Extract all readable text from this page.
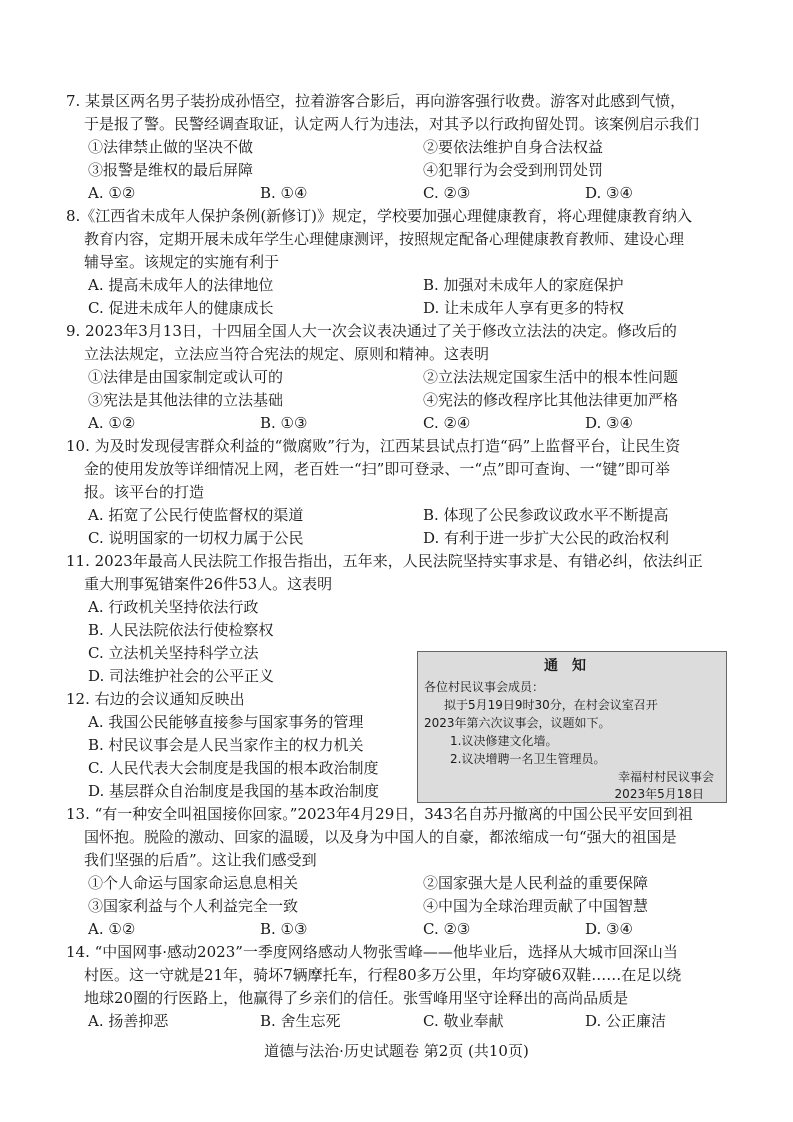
7. 某景区两名男子装扮成孙悟空，拉着游客合影后，再向游客强行收费。游客对此感到气愤，
于是报了警。民警经调查取证，认定两人行为违法，对其予以行政拘留处罚。该案例启示我们
①法律禁止做的坚决不做	②要依法维护自身合法权益
③报警是维权的最后屏障	④犯罪行为会受到刑罚处罚
A. ①②	B. ①④	C. ②③	D. ③④
8.《江西省未成年人保护条例(新修订)》规定，学校要加强心理健康教育，将心理健康教育纳入
教育内容，定期开展未成年学生心理健康测评，按照规定配备心理健康教育教师、建设心理
辅导室。该规定的实施有利于
A. 提高未成年人的法律地位	B. 加强对未成年人的家庭保护
C. 促进未成年人的健康成长	D. 让未成年人享有更多的特权
9. 2023年3月13日，十四届全国人大一次会议表决通过了关于修改立法法的决定。修改后的
立法法规定，立法应当符合宪法的规定、原则和精神。这表明
①法律是由国家制定或认可的	②立法法规定国家生活中的根本性问题
③宪法是其他法律的立法基础	④宪法的修改程序比其他法律更加严格
A. ①②	B. ①③	C. ②④	D. ③④
10. 为及时发现侵害群众利益的“微腐败”行为，江西某县试点打造“码”上监督平台，让民生资
金的使用发放等详细情况上网，老百姓一“扫”即可登录、一“点”即可查询、一“键”即可举
报。该平台的打造
A. 拓宽了公民行使监督权的渠道	B. 体现了公民参政议政水平不断提高
C. 说明国家的一切权力属于公民	D. 有利于进一步扩大公民的政治权利
11. 2023年最高人民法院工作报告指出，五年来，人民法院坚持实事求是、有错必纠，依法纠正
重大刑事冤错案件26件53人。这表明
A. 行政机关坚持依法行政
B. 人民法院依法行使检察权
C. 立法机关坚持科学立法
D. 司法维护社会的公平正义
12. 右边的会议通知反映出
A. 我国公民能够直接参与国家事务的管理
B. 村民议事会是人民当家作主的权力机关
C. 人民代表大会制度是我国的根本政治制度
D. 基层群众自治制度是我国的基本政治制度
通知
各位村民议事会成员：
拟于5月19日9时30分，在村会议室召开
2023年第六次议事会，议题如下。
1.议决修建文化墙。
2.议决增聘一名卫生管理员。
幸福村村民议事会
2023年5月18日
13. “有一种安全叫祖国接你回家。”2023年4月29日，343名自苏丹撤离的中国公民平安回到祖
国怀抱。脱险的激动、回家的温暖，以及身为中国人的自豪，都浓缩成一句“强大的祖国是
我们坚强的后盾”。这让我们感受到
①个人命运与国家命运息息相关	②国家强大是人民利益的重要保障
③国家利益与个人利益完全一致	④中国为全球治理贡献了中国智慧
A. ①②	B. ①③	C. ②③	D. ③④
14. “中国网事·感动2023”一季度网络感动人物张雪峰——他毕业后，选择从大城市回深山当
村医。这一守就是21年，骑坏7辆摩托车，行程80多万公里，年均穿破6双鞋……在足以绕
地球20圈的行医路上，他赢得了乡亲们的信任。张雪峰用坚守诠释出的高尚品质是
A. 扬善抑恶	B. 舍生忘死	C. 敬业奉献	D. 公正廉洁
道德与法治·历史试题卷 第2页 (共10页)
